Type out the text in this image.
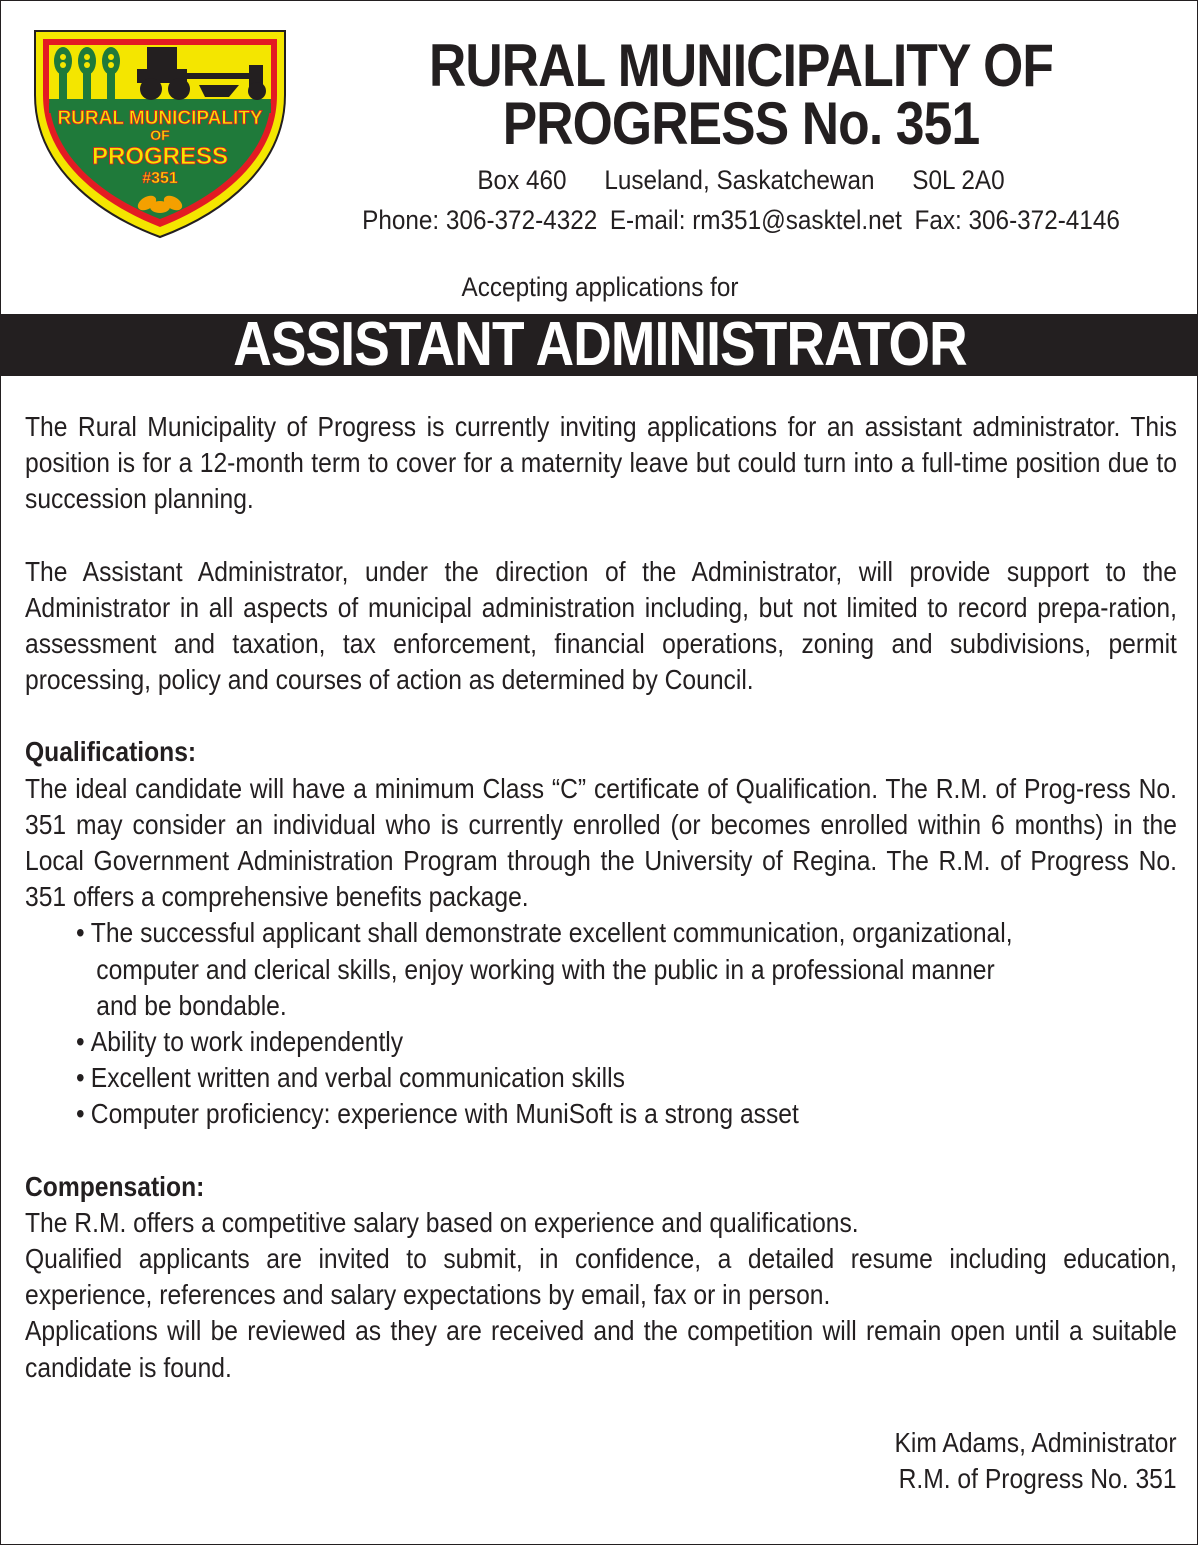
RURAL MUNICIPALITY
OF
PROGRESS
#351
RURAL MUNICIPALITY OF
PROGRESS No. 351
Box 460 Luseland, Saskatchewan S0L 2A0
Phone: 306-372-4322 E-mail: rm351@sasktel.net Fax: 306-372-4146
Accepting applications for
ASSISTANT ADMINISTRATOR

The Rural Municipality of Progress is currently inviting applications for an assistant administrator. This position is for a 12-month term to cover for a maternity leave but could turn into a full-time position due to succession planning.

The Assistant Administrator, under the direction of the Administrator, will provide support to the Administrator in all aspects of municipal administration including, but not limited to record prepa-ration, assessment and taxation, tax enforcement, financial operations, zoning and subdivisions, permit processing, policy and courses of action as determined by Council.

Qualifications:

The ideal candidate will have a minimum Class “C” certificate of Qualification. The R.M. of Prog-ress No. 351 may consider an individual who is currently enrolled (or becomes enrolled within 6 months) in the Local Government Administration Program through the University of Regina. The R.M. of Progress No. 351 offers a comprehensive benefits package.

• The successful applicant shall demonstrate excellent communication, organizational,
computer and clerical skills, enjoy working with the public in a professional manner
and be bondable.
• Ability to work independently
• Excellent written and verbal communication skills
• Computer proficiency: experience with MuniSoft is a strong asset
Compensation:

The R.M. offers a competitive salary based on experience and qualifications.

Qualified applicants are invited to submit, in confidence, a detailed resume including education, experience, references and salary expectations by email, fax or in person.

Applications will be reviewed as they are received and the competition will remain open until a suitable candidate is found.

Kim Adams, Administrator
R.M. of Progress No. 351
